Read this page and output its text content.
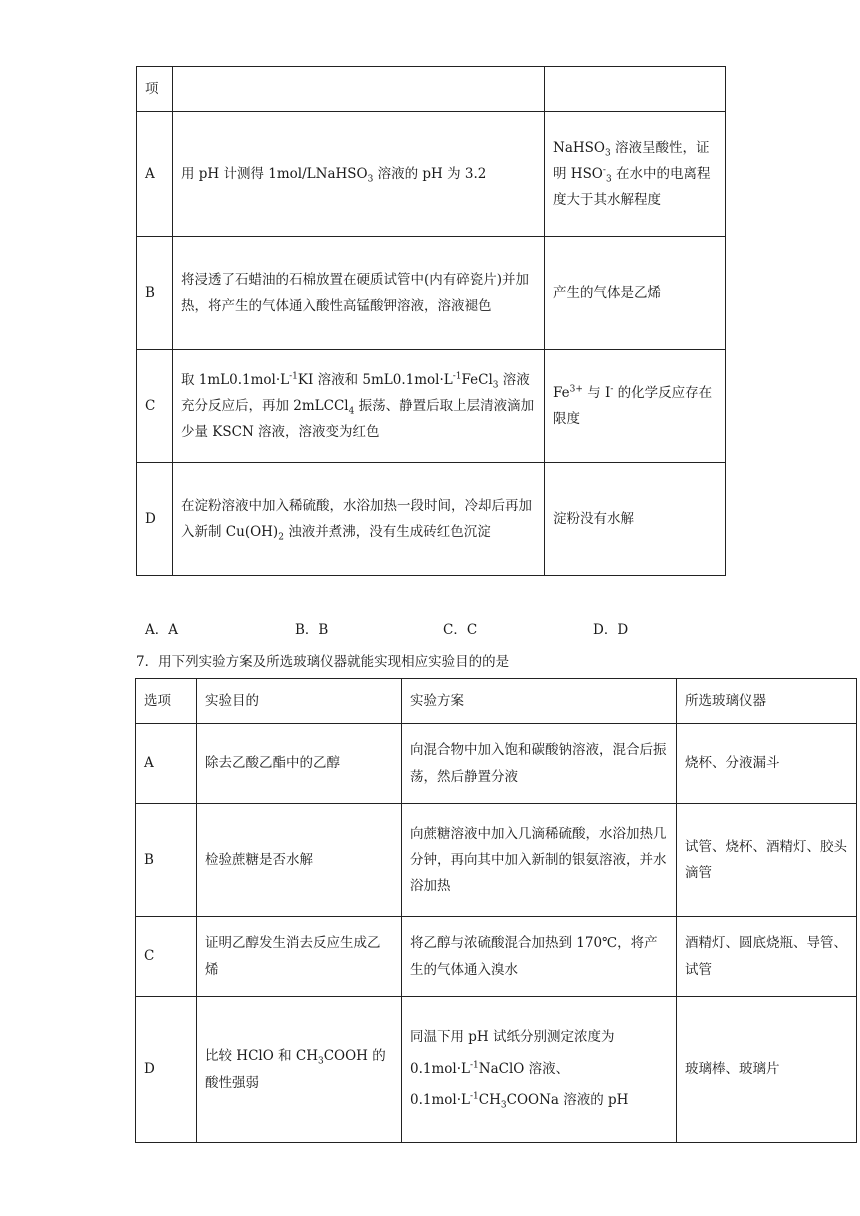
项		
A	用 pH 计测得 1mol/LNaHSO$_3$ 溶液的 pH 为 3.2	NaHSO$_3$ 溶液呈酸性，证明 $HSO^-_3$ 在水中的电离程度大于其水解程度
B	将浸透了石蜡油的石棉放置在硬质试管中(内有碎瓷片)并加热，将产生的气体通入酸性高锰酸钾溶液，溶液褪色	产生的气体是乙烯
C	取 $1mL0.1mol\cdot L^{-1}KI$ 溶液和 $5mL0.1mol\cdot L^{-1}FeCl_3$ 溶液充分反应后，再加 2mLCCl$_4$ 振荡、静置后取上层清液滴加少量 KSCN 溶液，溶液变为红色	$Fe^{3+}$ 与 I- 的化学反应存在限度
D	在淀粉溶液中加入稀硫酸，水浴加热一段时间，冷却后再加入新制 $Cu(OH)_2$ 浊液并煮沸，没有生成砖红色沉淀	淀粉没有水解
A．A	B．B	C．C	D．D
7．用下列实验方案及所选玻璃仪器就能实现相应实验目的的是
选项	实验目的	实验方案	所选玻璃仪器
A	除去乙酸乙酯中的乙醇	向混合物中加入饱和碳酸钠溶液，混合后振荡，然后静置分液	烧杯、分液漏斗
B	检验蔗糖是否水解	向蔗糖溶液中加入几滴稀硫酸，水浴加热几分钟，再向其中加入新制的银氨溶液，并水浴加热	试管、烧杯、酒精灯、胶头滴管
C	证明乙醇发生消去反应生成乙烯	将乙醇与浓硫酸混合加热到 170℃，将产生的气体通入溴水	酒精灯、圆底烧瓶、导管、试管
D	比较 HClO 和 $CH_3COOH$ 的酸性强弱	同温下用 pH 试纸分别测定浓度为
$0.1mol\cdot L^{-1}NaClO$ 溶液、
$0.1mol\cdot L^{-1}CH_3COONa$ 溶液的 pH	玻璃棒、玻璃片
